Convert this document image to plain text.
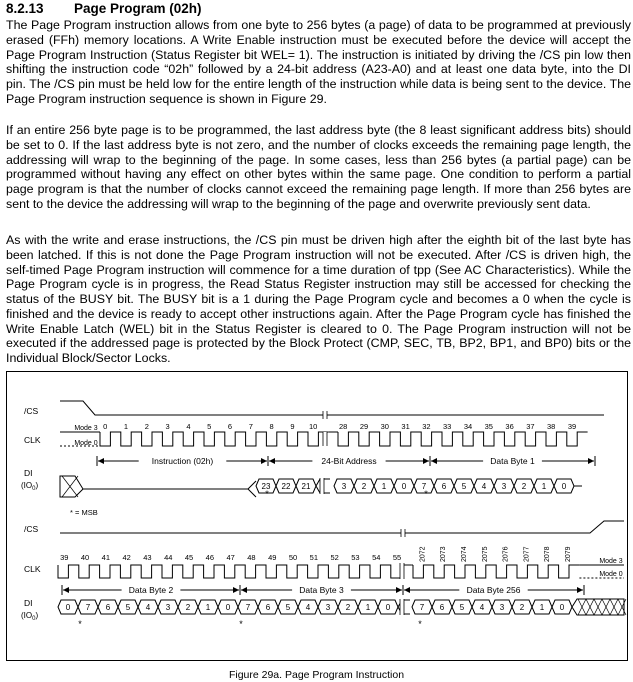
8.2.13 Page Program (02h)

The Page Program instruction allows from one byte to 256 bytes (a page) of data to be programmed at previously erased (FFh) memory locations. A Write Enable instruction must be executed before the device will accept the Page Program Instruction (Status Register bit WEL= 1). The instruction is initiated by driving the /CS pin low then shifting the instruction code “02h” followed by a 24-bit address (A23-A0) and at least one data byte, into the DI pin. The /CS pin must be held low for the entire length of the instruction while data is being sent to the device. The Page Program instruction sequence is shown in Figure 29.

If an entire 256 byte page is to be programmed, the last address byte (the 8 least significant address bits) should be set to 0. If the last address byte is not zero, and the number of clocks exceeds the remaining page length, the addressing will wrap to the beginning of the page. In some cases, less than 256 bytes (a partial page) can be programmed without having any effect on other bytes within the same page. One condition to perform a partial page program is that the number of clocks cannot exceed the remaining page length. If more than 256 bytes are sent to the device the addressing will wrap to the beginning of the page and overwrite previously sent data.

As with the write and erase instructions, the /CS pin must be driven high after the eighth bit of the last byte has been latched. If this is not done the Page Program instruction will not be executed. After /CS is driven high, the self-timed Page Program instruction will commence for a time duration of tpp (See AC Characteristics). While the Page Program cycle is in progress, the Read Status Register instruction may still be accessed for checking the status of the BUSY bit. The BUSY bit is a 1 during the Page Program cycle and becomes a 0 when the cycle is finished and the device is ready to accept other instructions again. After the Page Program cycle has finished the Write Enable Latch (WEL) bit in the Status Register is cleared to 0. The Page Program instruction will not be executed if the addressed page is protected by the Block Protect (CMP, SEC, TB, BP2, BP1, and BP0) bits or the Individual Block/Sector Locks.

/CS
CLK
DI
$(IO_0)$
/CS
CLK
DI
$(IO_0)$
Mode 3
Mode 0
0 1 2 3 4 5 6 7 8 9 10	28 29 30 31 32 33 34 35 36 37 38 39
Instruction (02h)	24-Bit Address	Data Byte 1
23 22 21	3 2 1 0 7 6 5 4 3 2 1 0
*	*
* = MSB
Mode 3
Mode 0
39 40 41 42 43 44 45 46 47 48 49 50 51 52 53 54 55	2072 2073 2074 2075 2076 2077 2078 2079
Data Byte 2	Data Byte 3	Data Byte 256
0 7 6 5 4 3 2 1 0 7 6 5 4 3 2 1 0	7 6 5 4 3 2 1 0
*	*	*
Figure 29a. Page Program Instruction
